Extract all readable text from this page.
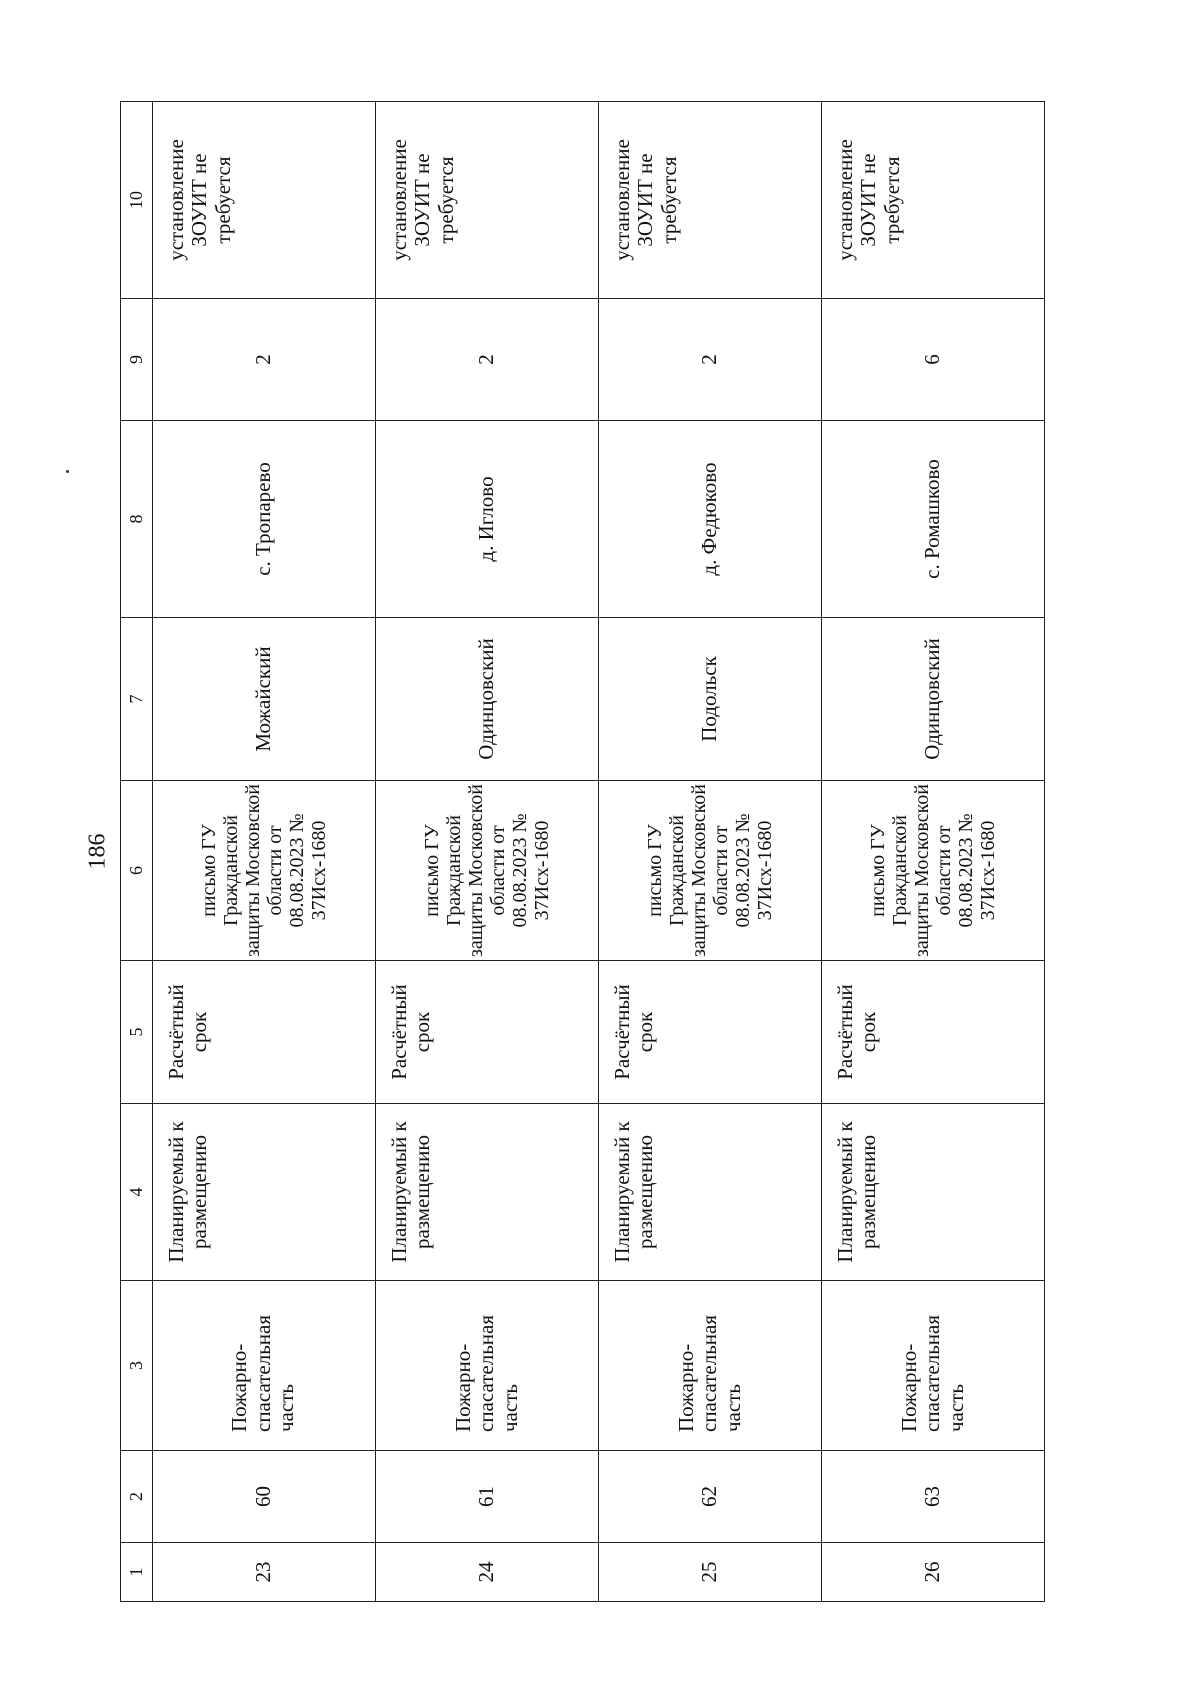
186
1	2	3	4	5	6	7	8	9	10
23	60	Пожарно-спасательная часть	Планируемый к размещению	Расчётный срок	письмо ГУ Гражданской защиты Московской области от 08.08.2023 № 37Исх-1680	Можайский	с. Тропарево	2	установление ЗОУИТ не требуется
24	61	Пожарно-спасательная часть	Планируемый к размещению	Расчётный срок	письмо ГУ Гражданской защиты Московской области от 08.08.2023 № 37Исх-1680	Одинцовский	д. Иглово	2	установление ЗОУИТ не требуется
25	62	Пожарно-спасательная часть	Планируемый к размещению	Расчётный срок	письмо ГУ Гражданской защиты Московской области от 08.08.2023 № 37Исх-1680	Подольск	д. Федюково	2	установление ЗОУИТ не требуется
26	63	Пожарно-спасательная часть	Планируемый к размещению	Расчётный срок	письмо ГУ Гражданской защиты Московской области от 08.08.2023 № 37Исх-1680	Одинцовский	с. Ромашково	6	установление ЗОУИТ не требуется
